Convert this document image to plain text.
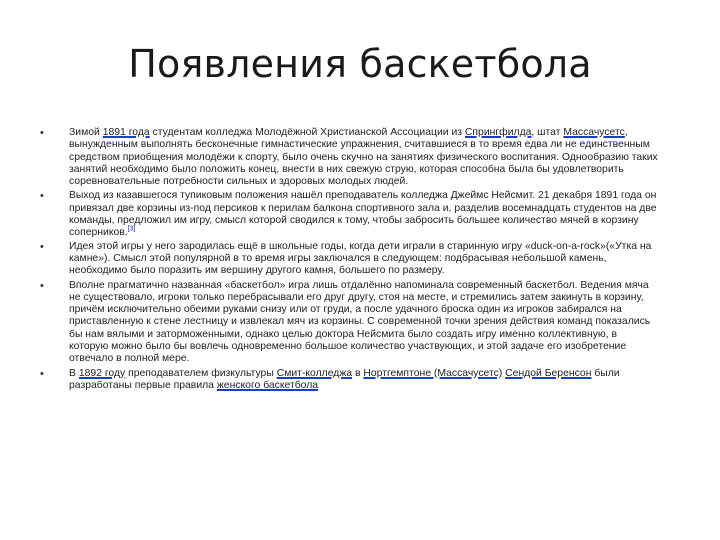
Появления баскетбола
• Зимой 1891 года студентам колледжа Молодёжной Христианской Ассоциации из Спрингфилда, штат Массачусетс, вынужденным выполнять бесконечные гимнастические упражнения, считавшиеся в то время едва ли не единственным средством приобщения молодёжи к спорту, было очень скучно на занятиях физического воспитания. Однообразию таких занятий необходимо было положить конец, внести в них свежую струю, которая способна была бы удовлетворить соревновательные потребности сильных и здоровых молодых людей.
• Выход из казавшегося тупиковым положения нашёл преподаватель колледжа Джеймс Нейсмит. 21 декабря 1891 года он привязал две корзины из-под персиков к перилам балкона спортивного зала и, разделив восемнадцать студентов на две команды, предложил им игру, смысл которой сводился к тому, чтобы забросить большее количество мячей в корзину соперников.[3]
• Идея этой игры у него зародилась ещё в школьные годы, когда дети играли в старинную игру «duck-on-a-rock»(«Утка на камне»). Смысл этой популярной в то время игры заключался в следующем: подбрасывая небольшой камень, необходимо было поразить им вершину другого камня, большего по размеру.
• Вполне прагматично названная «баскетбол» игра лишь отдалённо напоминала современный баскетбол. Ведения мяча не существовало, игроки только перебрасывали его друг другу, стоя на месте, и стремились затем закинуть в корзину, причём исключительно обеими руками снизу или от груди, а после удачного броска один из игроков забирался на приставленную к стене лестницу и извлекал мяч из корзины. С современной точки зрения действия команд показались бы нам вялыми и заторможенными, однако целью доктора Нейсмита было создать игру именно коллективную, в которую можно было бы вовлечь одновременно большое количество участвующих, и этой задаче его изобретение отвечало в полной мере.
• В 1892 году преподавателем физкультуры Смит-колледжа в Нортгемптоне (Массачусетс) Сендой Беренсон были разработаны первые правила женского баскетбола
